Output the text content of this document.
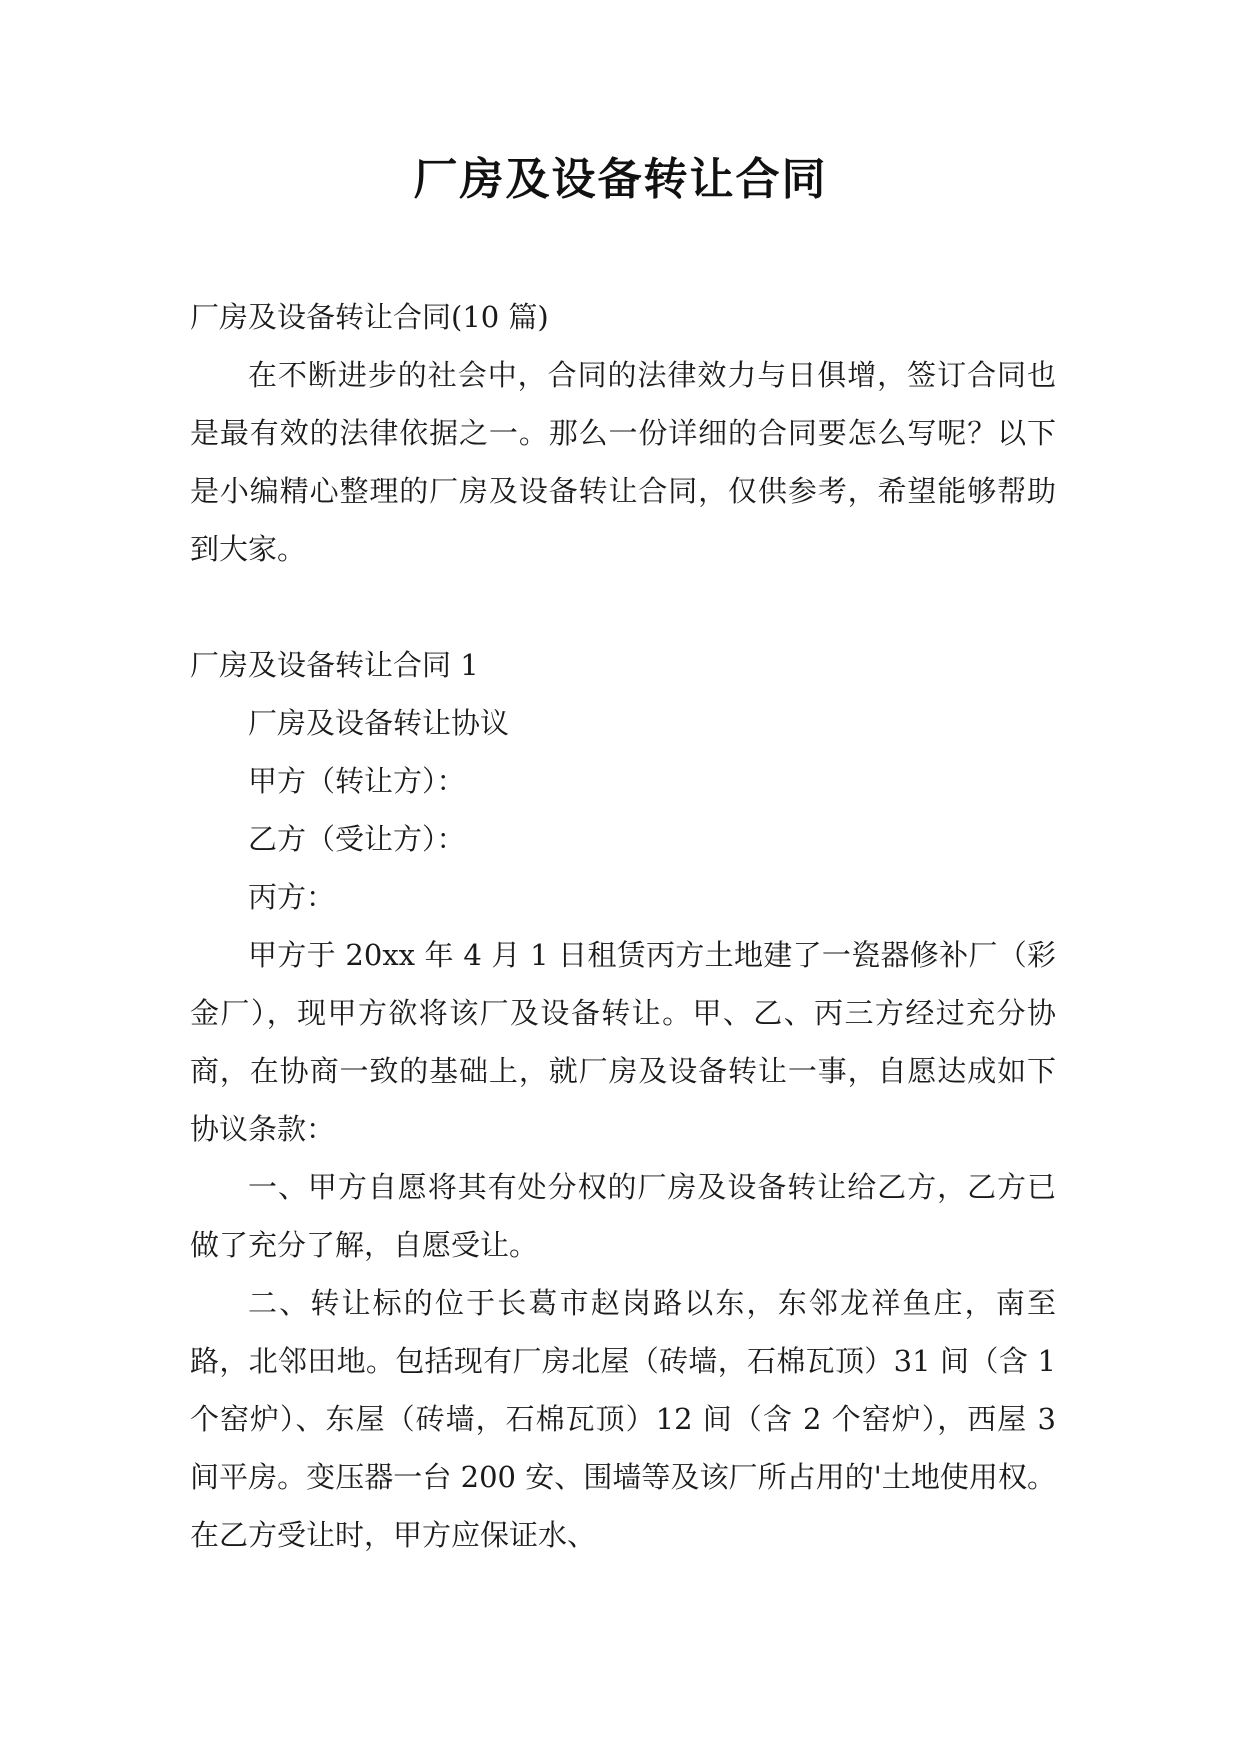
厂房及设备转让合同

厂房及设备转让合同(10 篇)

在不断进步的社会中，合同的法律效力与日俱增，签订合同也是最有效的法律依据之一。那么一份详细的合同要怎么写呢？以下是小编精心整理的厂房及设备转让合同，仅供参考，希望能够帮助到大家。

厂房及设备转让合同 1

厂房及设备转让协议

甲方（转让方）：

乙方（受让方）：

丙方：

甲方于 20xx 年 4 月 1 日租赁丙方土地建了一瓷器修补厂（彩金厂），现甲方欲将该厂及设备转让。甲、乙、丙三方经过充分协商，在协商一致的基础上，就厂房及设备转让一事，自愿达成如下协议条款：

一、甲方自愿将其有处分权的厂房及设备转让给乙方，乙方已做了充分了解，自愿受让。

二、转让标的位于长葛市赵岗路以东，东邻龙祥鱼庄，南至路，北邻田地。包括现有厂房北屋（砖墙，石棉瓦顶）31 间（含 1 个窑炉）、东屋（砖墙，石棉瓦顶）12 间（含 2 个窑炉），西屋 3 间平房。变压器一台 200 安、围墙等及该厂所占用的'土地使用权。在乙方受让时，甲方应保证水、
